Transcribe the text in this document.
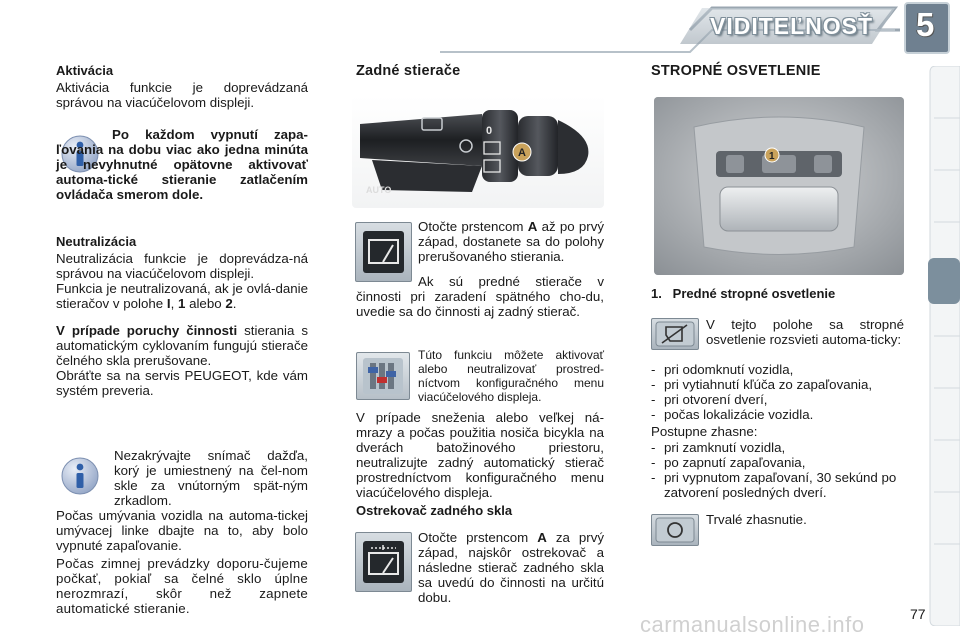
VIDITEĽNOSŤ 5
Aktivácia

Aktivácia funkcie je doprevádzaná správou na viacúčelovom displeji.

Po každom vypnutí zapa-ľovania na dobu viac ako jedna minúta je nevyhnutné opätovne aktivovať automa-tické stieranie zatlačením ovládača smerom dole.

Neutralizácia

Neutralizácia funkcie je doprevádza-ná správou na viacúčelovom displeji.

Funkcia je neutralizovaná, ak je ovlá-danie stieračov v polohe I, 1 alebo 2.

V prípade poruchy činnosti stierania s automatickým cyklovaním fungujú stierače čelného skla prerušovane.

Obráťte sa na servis PEUGEOT, kde vám systém preveria.

Nezakrývajte snímač dažďa, korý je umiestnený na čel-nom skle za vnútorným spät-ným zrkadlom.

Počas umývania vozidla na automa-tickej umývacej linke dbajte na to, aby bolo vypnuté zapaľovanie.

Počas zimnej prevádzky doporu-čujeme počkať, pokiaľ sa čelné sklo úplne nerozmrazí, skôr než zapnete automatické stieranie.

Zadné stierače
0
A
AUTO

Otočte prstencom A až po prvý západ, dostanete sa do polohy prerušovaného stierania.

Ak sú predné stierače v činnosti pri zaradení spätného cho-du, uvedie sa do činnosti aj zadný stierač.

Túto funkciu môžete aktivovať alebo neutralizovať prostred-níctvom konfiguračného menu viacúčelového displeja.

V prípade sneženia alebo veľkej ná-mrazy a počas použitia nosiča bicykla na dverách batožinového priestoru, neutralizujte zadný automatický stierač prostredníctvom konfiguračného menu viacúčelového displeja.

Ostrekovač zadného skla

Otočte prstencom A za prvý západ, najskôr ostrekovač a následne stierač zadného skla sa uvedú do činnosti na určitú dobu.

STROPNÉ OSVETLENIE
1
1.   Predné stropné osvetlenie

V tejto polohe sa stropné osvetlenie rozsvieti automa-ticky:

- pri odomknutí vozidla,
- pri vytiahnutí kľúča zo zapaľovania,
- pri otvorení dverí,
- počas lokalizácie vozidla.
Postupne zhasne:
- pri zamknutí vozidla,
- po zapnutí zapaľovania,
- pri vypnutom zapaľovaní, 30 sekúnd po zatvorení posledných dverí.
Trvalé zhasnutie.
carmanualsonline.info	77
